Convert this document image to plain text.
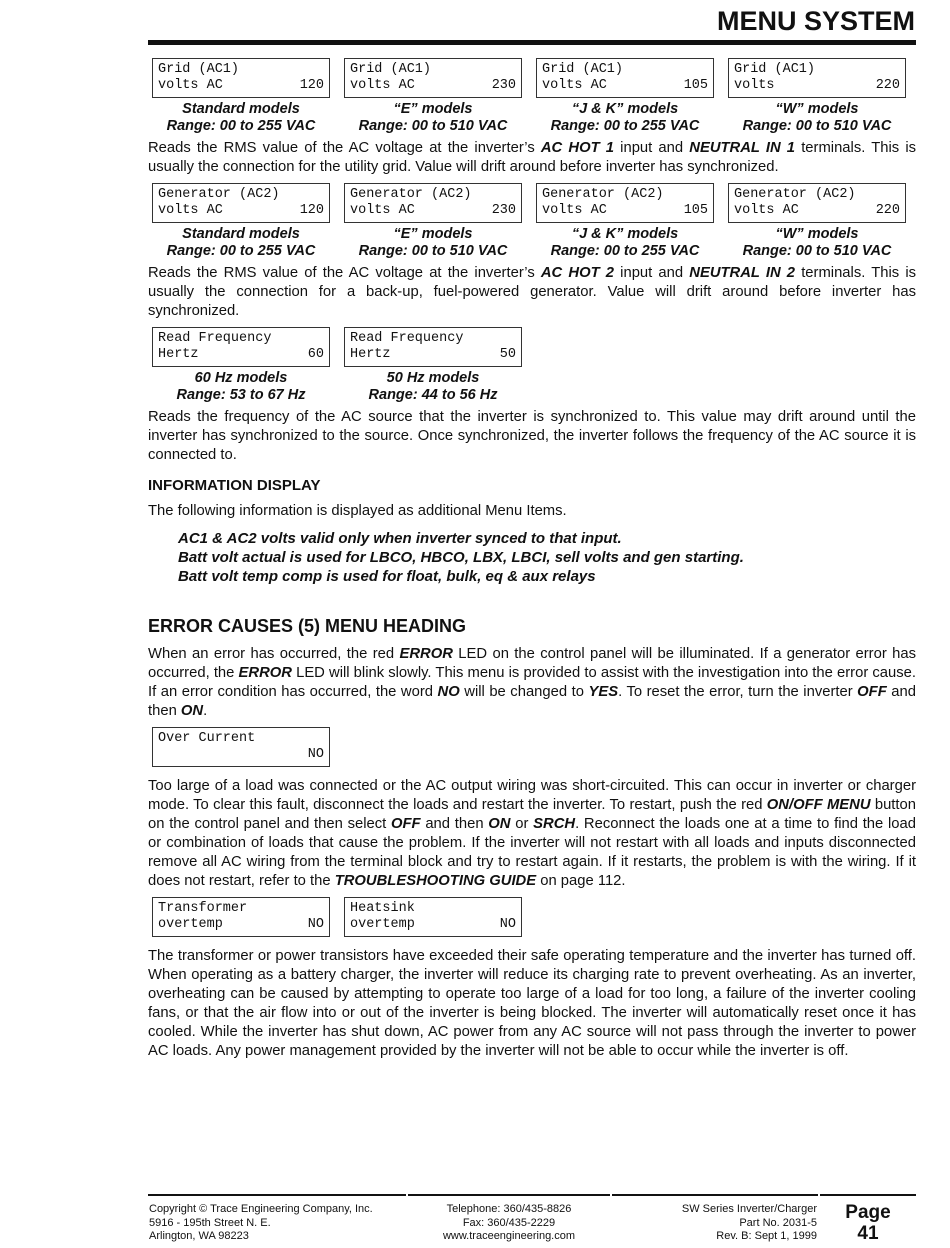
MENU SYSTEM
Grid (AC1)
volts AC	120
Standard models
Range: 00 to 255 VAC
Grid (AC1)
volts AC	230
“E” models
Range: 00 to 510 VAC
Grid (AC1)
volts AC	105
“J & K” models
Range: 00 to 255 VAC
Grid (AC1)
volts	220
“W” models
Range: 00 to 510 VAC

Reads the RMS value of the AC voltage at the inverter’s AC HOT 1 input and NEUTRAL IN 1 terminals. This is usually the connection for the utility grid. Value will drift around before inverter has synchronized.

Generator (AC2)
volts AC	120
Standard models
Range: 00 to 255 VAC
Generator (AC2)
volts AC	230
“E” models
Range: 00 to 510 VAC
Generator (AC2)
volts AC	105
“J & K” models
Range: 00 to 255 VAC
Generator (AC2)
volts AC	220
“W” models
Range: 00 to 510 VAC

Reads the RMS value of the AC voltage at the inverter’s AC HOT 2 input and NEUTRAL IN 2 terminals. This is usually the connection for a back-up, fuel-powered generator. Value will drift around before inverter has synchronized.

Read Frequency
Hertz	60
60 Hz models
Range: 53 to 67 Hz
Read Frequency
Hertz	50
50 Hz models
Range: 44 to 56 Hz

Reads the frequency of the AC source that the inverter is synchronized to. This value may drift around until the inverter has synchronized to the source. Once synchronized, the inverter follows the frequency of the AC source it is connected to.

INFORMATION DISPLAY

The following information is displayed as additional Menu Items.

AC1 & AC2 volts valid only when inverter synced to that input.
Batt volt actual is used for LBCO, HBCO, LBX, LBCI, sell volts and gen starting.
Batt volt temp comp is used for float, bulk, eq & aux relays
ERROR CAUSES (5) MENU HEADING

When an error has occurred, the red ERROR LED on the control panel will be illuminated. If a generator error has occurred, the ERROR LED will blink slowly. This menu is provided to assist with the investigation into the error cause. If an error condition has occurred, the word NO will be changed to YES. To reset the error, turn the inverter OFF and then ON.

Over Current
NO

Too large of a load was connected or the AC output wiring was short-circuited. This can occur in inverter or charger mode. To clear this fault, disconnect the loads and restart the inverter. To restart, push the red ON/OFF MENU button on the control panel and then select OFF and then ON or SRCH. Reconnect the loads one at a time to find the load or combination of loads that cause the problem. If the inverter will not restart with all loads and inputs disconnected remove all AC wiring from the terminal block and try to restart again. If it restarts, the problem is with the wiring. If it does not restart, refer to the TROUBLESHOOTING GUIDE on page 112.

Transformer
overtemp	NO
Heatsink
overtemp	NO

The transformer or power transistors have exceeded their safe operating temperature and the inverter has turned off. When operating as a battery charger, the inverter will reduce its charging rate to prevent overheating. As an inverter, overheating can be caused by attempting to operate too large of a load for too long, a failure of the inverter cooling fans, or that the air flow into or out of the inverter is being blocked. The inverter will automatically reset once it has cooled. While the inverter has shut down, AC power from any AC source will not pass through the inverter to power AC loads. Any power management provided by the inverter will not be able to occur while the inverter is off.

Copyright © Trace Engineering Company, Inc.
5916 - 195th Street N. E.
Arlington, WA 98223
Telephone: 360/435-8826
Fax: 360/435-2229
www.traceengineering.com
SW Series Inverter/Charger
Part No. 2031-5
Rev. B: Sept 1, 1999
Page
41
